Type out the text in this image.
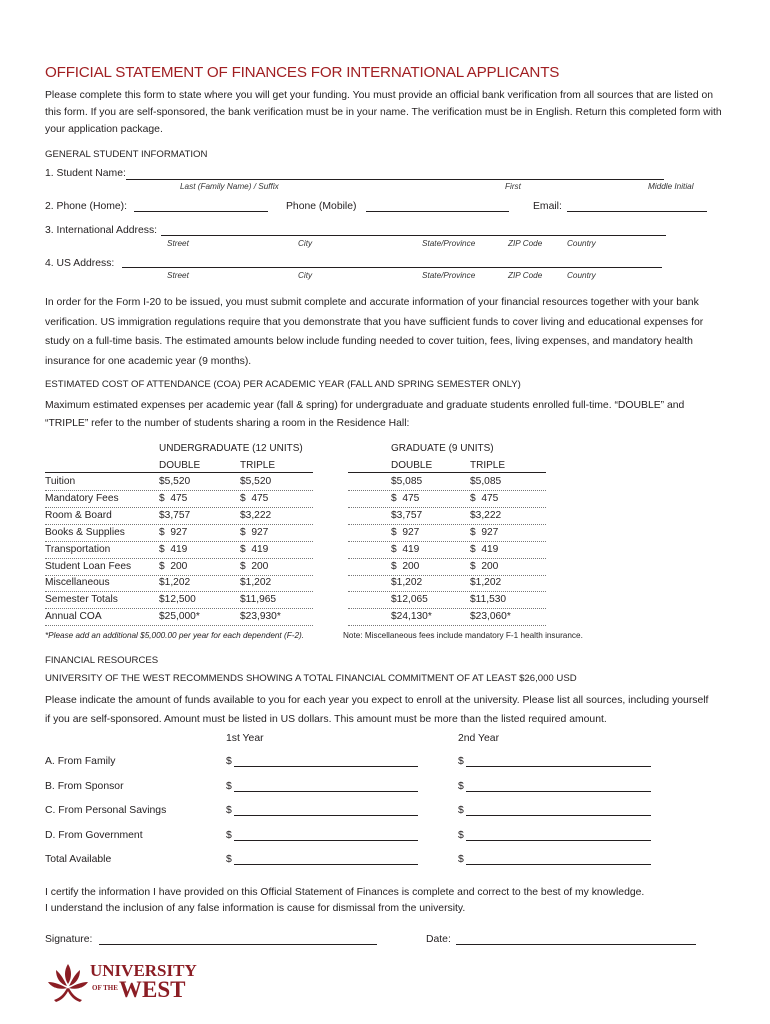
OFFICIAL STATEMENT OF FINANCES FOR INTERNATIONAL APPLICANTS
Please complete this form to state where you will get your funding. You must provide an official bank verification from all sources that are listed on this form. If you are self-sponsored, the bank verification must be in your name. The verification must be in English. Return this completed form with your application package.
GENERAL STUDENT INFORMATION
1. Student Name:
Last (Family Name) / Suffix	First	Middle Initial
2. Phone (Home):	Phone (Mobile)	Email:
3. International Address:
Street	City	State/Province	ZIP Code	Country
4. US Address:
Street	City	State/Province	ZIP Code	Country
In order for the Form I-20 to be issued, you must submit complete and accurate information of your financial resources together with your bank verification. US immigration regulations require that you demonstrate that you have sufficient funds to cover living and educational expenses for study on a full-time basis. The estimated amounts below include funding needed to cover tuition, fees, living expenses, and mandatory health insurance for one academic year (9 months).
ESTIMATED COST OF ATTENDANCE (COA) PER ACADEMIC YEAR (FALL AND SPRING SEMESTER ONLY)
Maximum estimated expenses per academic year (fall & spring) for undergraduate and graduate students enrolled full-time. “DOUBLE” and “TRIPLE” refer to the number of students sharing a room in the Residence Hall:
UNDERGRADUATE (12 UNITS)	GRADUATE (9 UNITS)
DOUBLE	TRIPLE	DOUBLE	TRIPLE
Tuition	$5,520	$5,520	$5,085	$5,085
Mandatory Fees	$  475	$  475	$  475	$  475
Room & Board	$3,757	$3,222	$3,757	$3,222
Books & Supplies	$  927	$  927	$  927	$  927
Transportation	$  419	$  419	$  419	$  419
Student Loan Fees	$  200	$  200	$  200	$  200
Miscellaneous	$1,202	$1,202	$1,202	$1,202
Semester Totals	$12,500	$11,965	$12,065	$11,530
Annual COA	$25,000*	$23,930*	$24,130*	$23,060*
*Please add an additional $5,000.00 per year for each dependent (F-2).	Note: Miscellaneous fees include mandatory F-1 health insurance.
FINANCIAL RESOURCES
UNIVERSITY OF THE WEST RECOMMENDS SHOWING A TOTAL FINANCIAL COMMITMENT OF AT LEAST $26,000 USD
Please indicate the amount of funds available to you for each year you expect to enroll at the university. Please list all sources, including yourself if you are self-sponsored. Amount must be listed in US dollars. This amount must be more than the listed required amount.
1st Year	2nd Year
A. From Family	$	$
B. From Sponsor	$	$
C. From Personal Savings	$	$
D. From Government	$	$
Total Available	$	$
I certify the information I have provided on this Official Statement of Finances is complete and correct to the best of my knowledge.
I understand the inclusion of any false information is cause for dismissal from the university.
Signature:	Date:
UNIVERSITY
OF THE WEST
